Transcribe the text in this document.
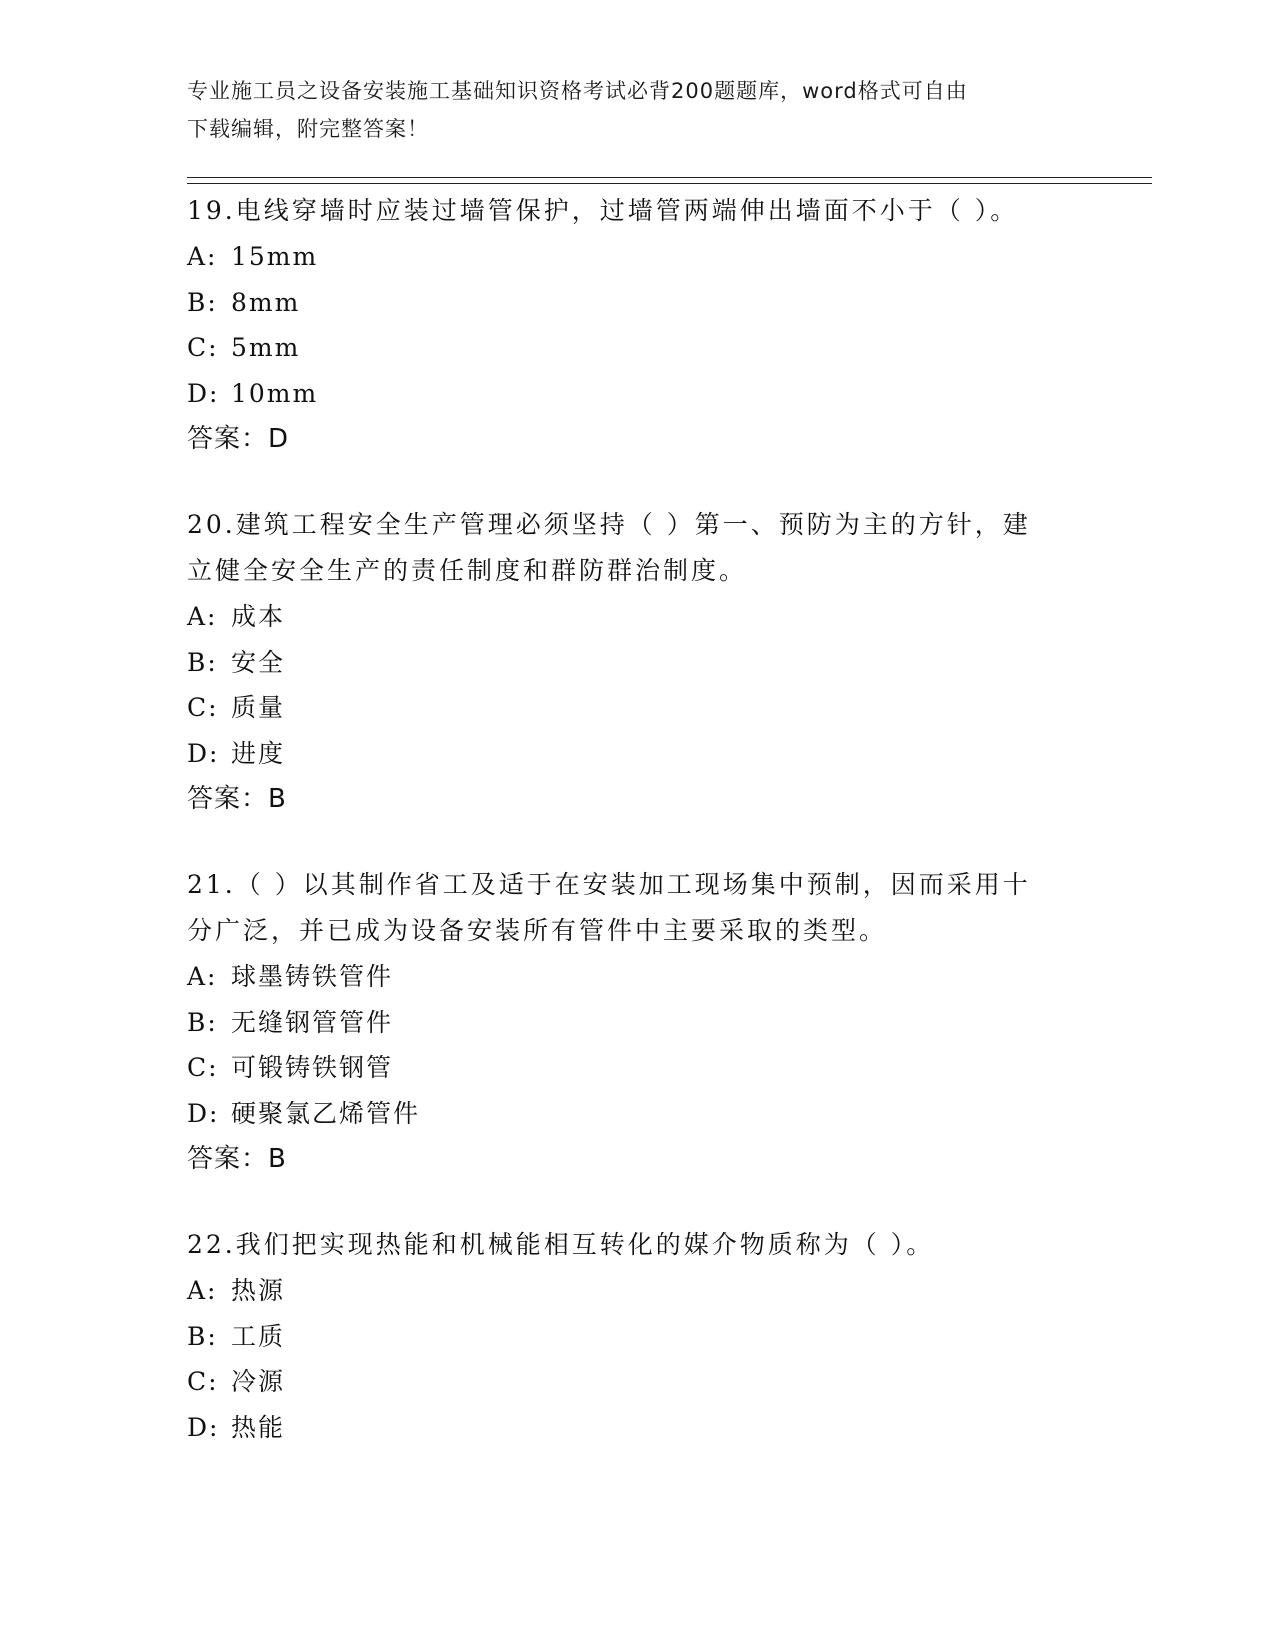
专业施工员之设备安装施工基础知识资格考试必背200题题库，word格式可自由
下载编辑，附完整答案！

19.电线穿墙时应装过墙管保护，过墙管两端伸出墙面不小于（ ）。

A: 15mm

B: 8mm

C: 5mm

D: 10mm

答案：D

20.建筑工程安全生产管理必须坚持（ ）第一、预防为主的方针，建

立健全安全生产的责任制度和群防群治制度。

A: 成本

B: 安全

C: 质量

D: 进度

答案：B

21.（ ）以其制作省工及适于在安装加工现场集中预制，因而采用十

分广泛，并已成为设备安装所有管件中主要采取的类型。

A: 球墨铸铁管件

B: 无缝钢管管件

C: 可锻铸铁钢管

D: 硬聚氯乙烯管件

答案：B

22.我们把实现热能和机械能相互转化的媒介物质称为（ ）。

A: 热源

B: 工质

C: 冷源

D: 热能
